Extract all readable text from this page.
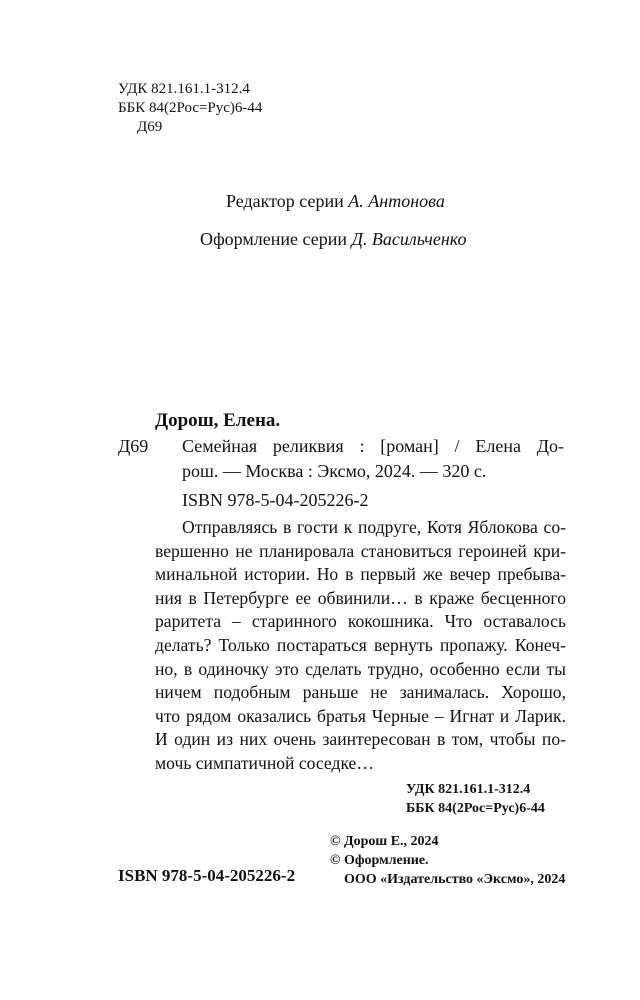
УДК 821.161.1-312.4
ББК 84(2Рос=Рус)6-44
Д69
Редактор серии А. Антонова
Оформление серии Д. Васильченко
Дорош, Елена.
Д69 Семейная реликвия : [роман] / Елена До-
рош. — Москва : Эксмо, 2024. — 320 с.
ISBN 978-5-04-205226-2
Отправляясь в гости к подруге, Котя Яблокова со-
вершенно не планировала становиться героиней кри-
минальной истории. Но в первый же вечер пребыва-
ния в Петербурге ее обвинили… в краже бесценного
раритета – старинного кокошника. Что оставалось
делать? Только постараться вернуть пропажу. Конеч-
но, в одиночку это сделать трудно, особенно если ты
ничем подобным раньше не занималась. Хорошо,
что рядом оказались братья Черные – Игнат и Ларик.
И один из них очень заинтересован в том, чтобы по-
мочь симпатичной соседке…
УДК 821.161.1-312.4
ББК 84(2Рос=Рус)6-44
© Дорош Е., 2024
© Оформление.
ООО «Издательство «Эксмо», 2024
ISBN 978-5-04-205226-2
